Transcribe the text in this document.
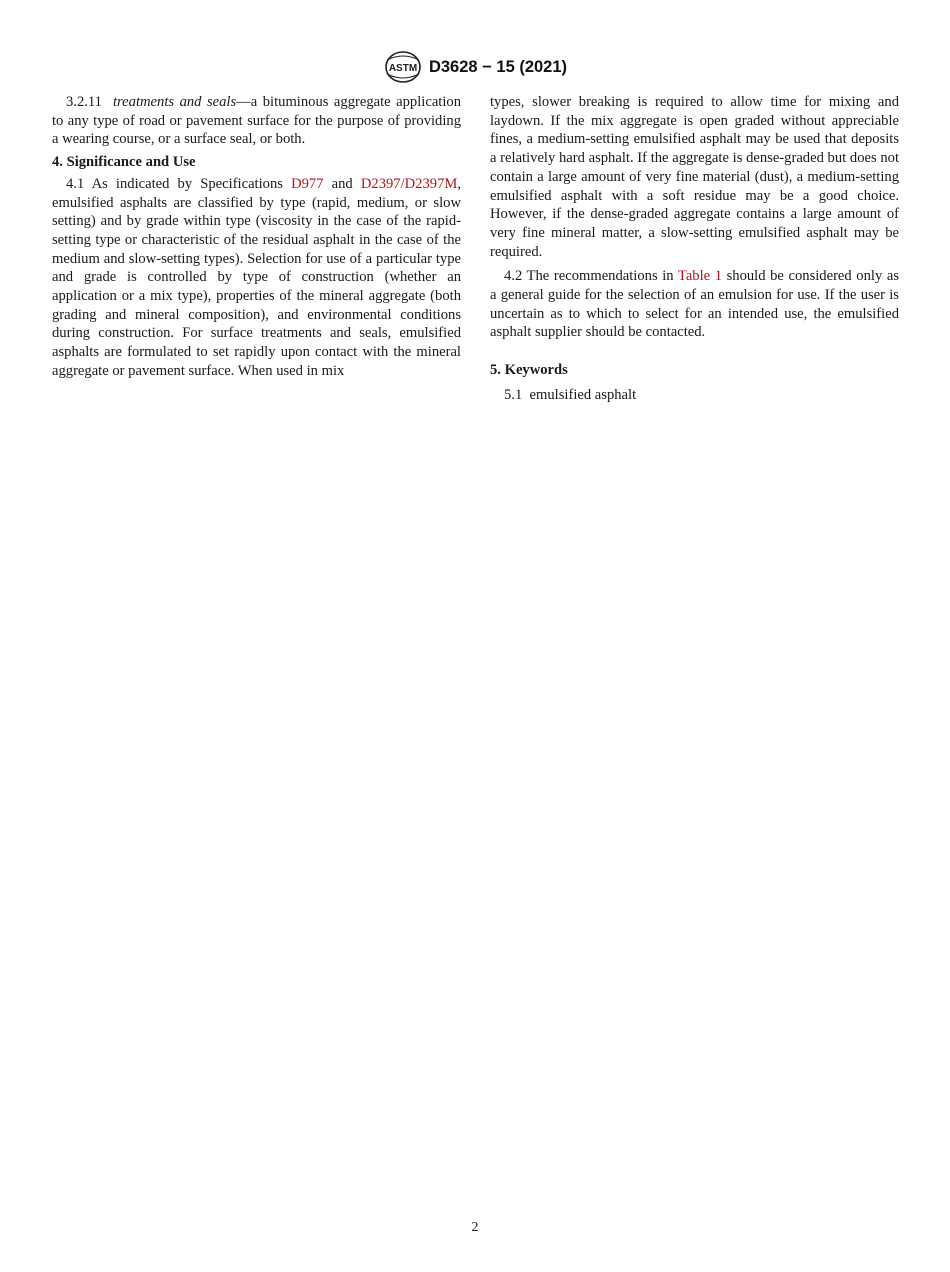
ASTM D3628 − 15 (2021)

3.2.11 treatments and seals—a bituminous aggregate application to any type of road or pavement surface for the purpose of providing a wearing course, or a surface seal, or both.

4. Significance and Use

4.1 As indicated by Specifications D977 and D2397/D2397M, emulsified asphalts are classified by type (rapid, medium, or slow setting) and by grade within type (viscosity in the case of the rapid-setting type or characteristic of the residual asphalt in the case of the medium and slow-setting types). Selection for use of a particular type and grade is controlled by type of construction (whether an application or a mix type), properties of the mineral aggregate (both grading and mineral composition), and environmental conditions during construction. For surface treatments and seals, emulsified asphalts are formulated to set rapidly upon contact with the mineral aggregate or pavement surface. When used in mix

types, slower breaking is required to allow time for mixing and laydown. If the mix aggregate is open graded without appreciable fines, a medium-setting emulsified asphalt may be used that deposits a relatively hard asphalt. If the aggregate is dense-graded but does not contain a large amount of very fine material (dust), a medium-setting emulsified asphalt with a soft residue may be a good choice. However, if the dense-graded aggregate contains a large amount of very fine mineral matter, a slow-setting emulsified asphalt may be required.

4.2 The recommendations in Table 1 should be considered only as a general guide for the selection of an emulsion for use. If the user is uncertain as to which to select for an intended use, the emulsified asphalt supplier should be contacted.

5. Keywords

5.1 emulsified asphalt

2
